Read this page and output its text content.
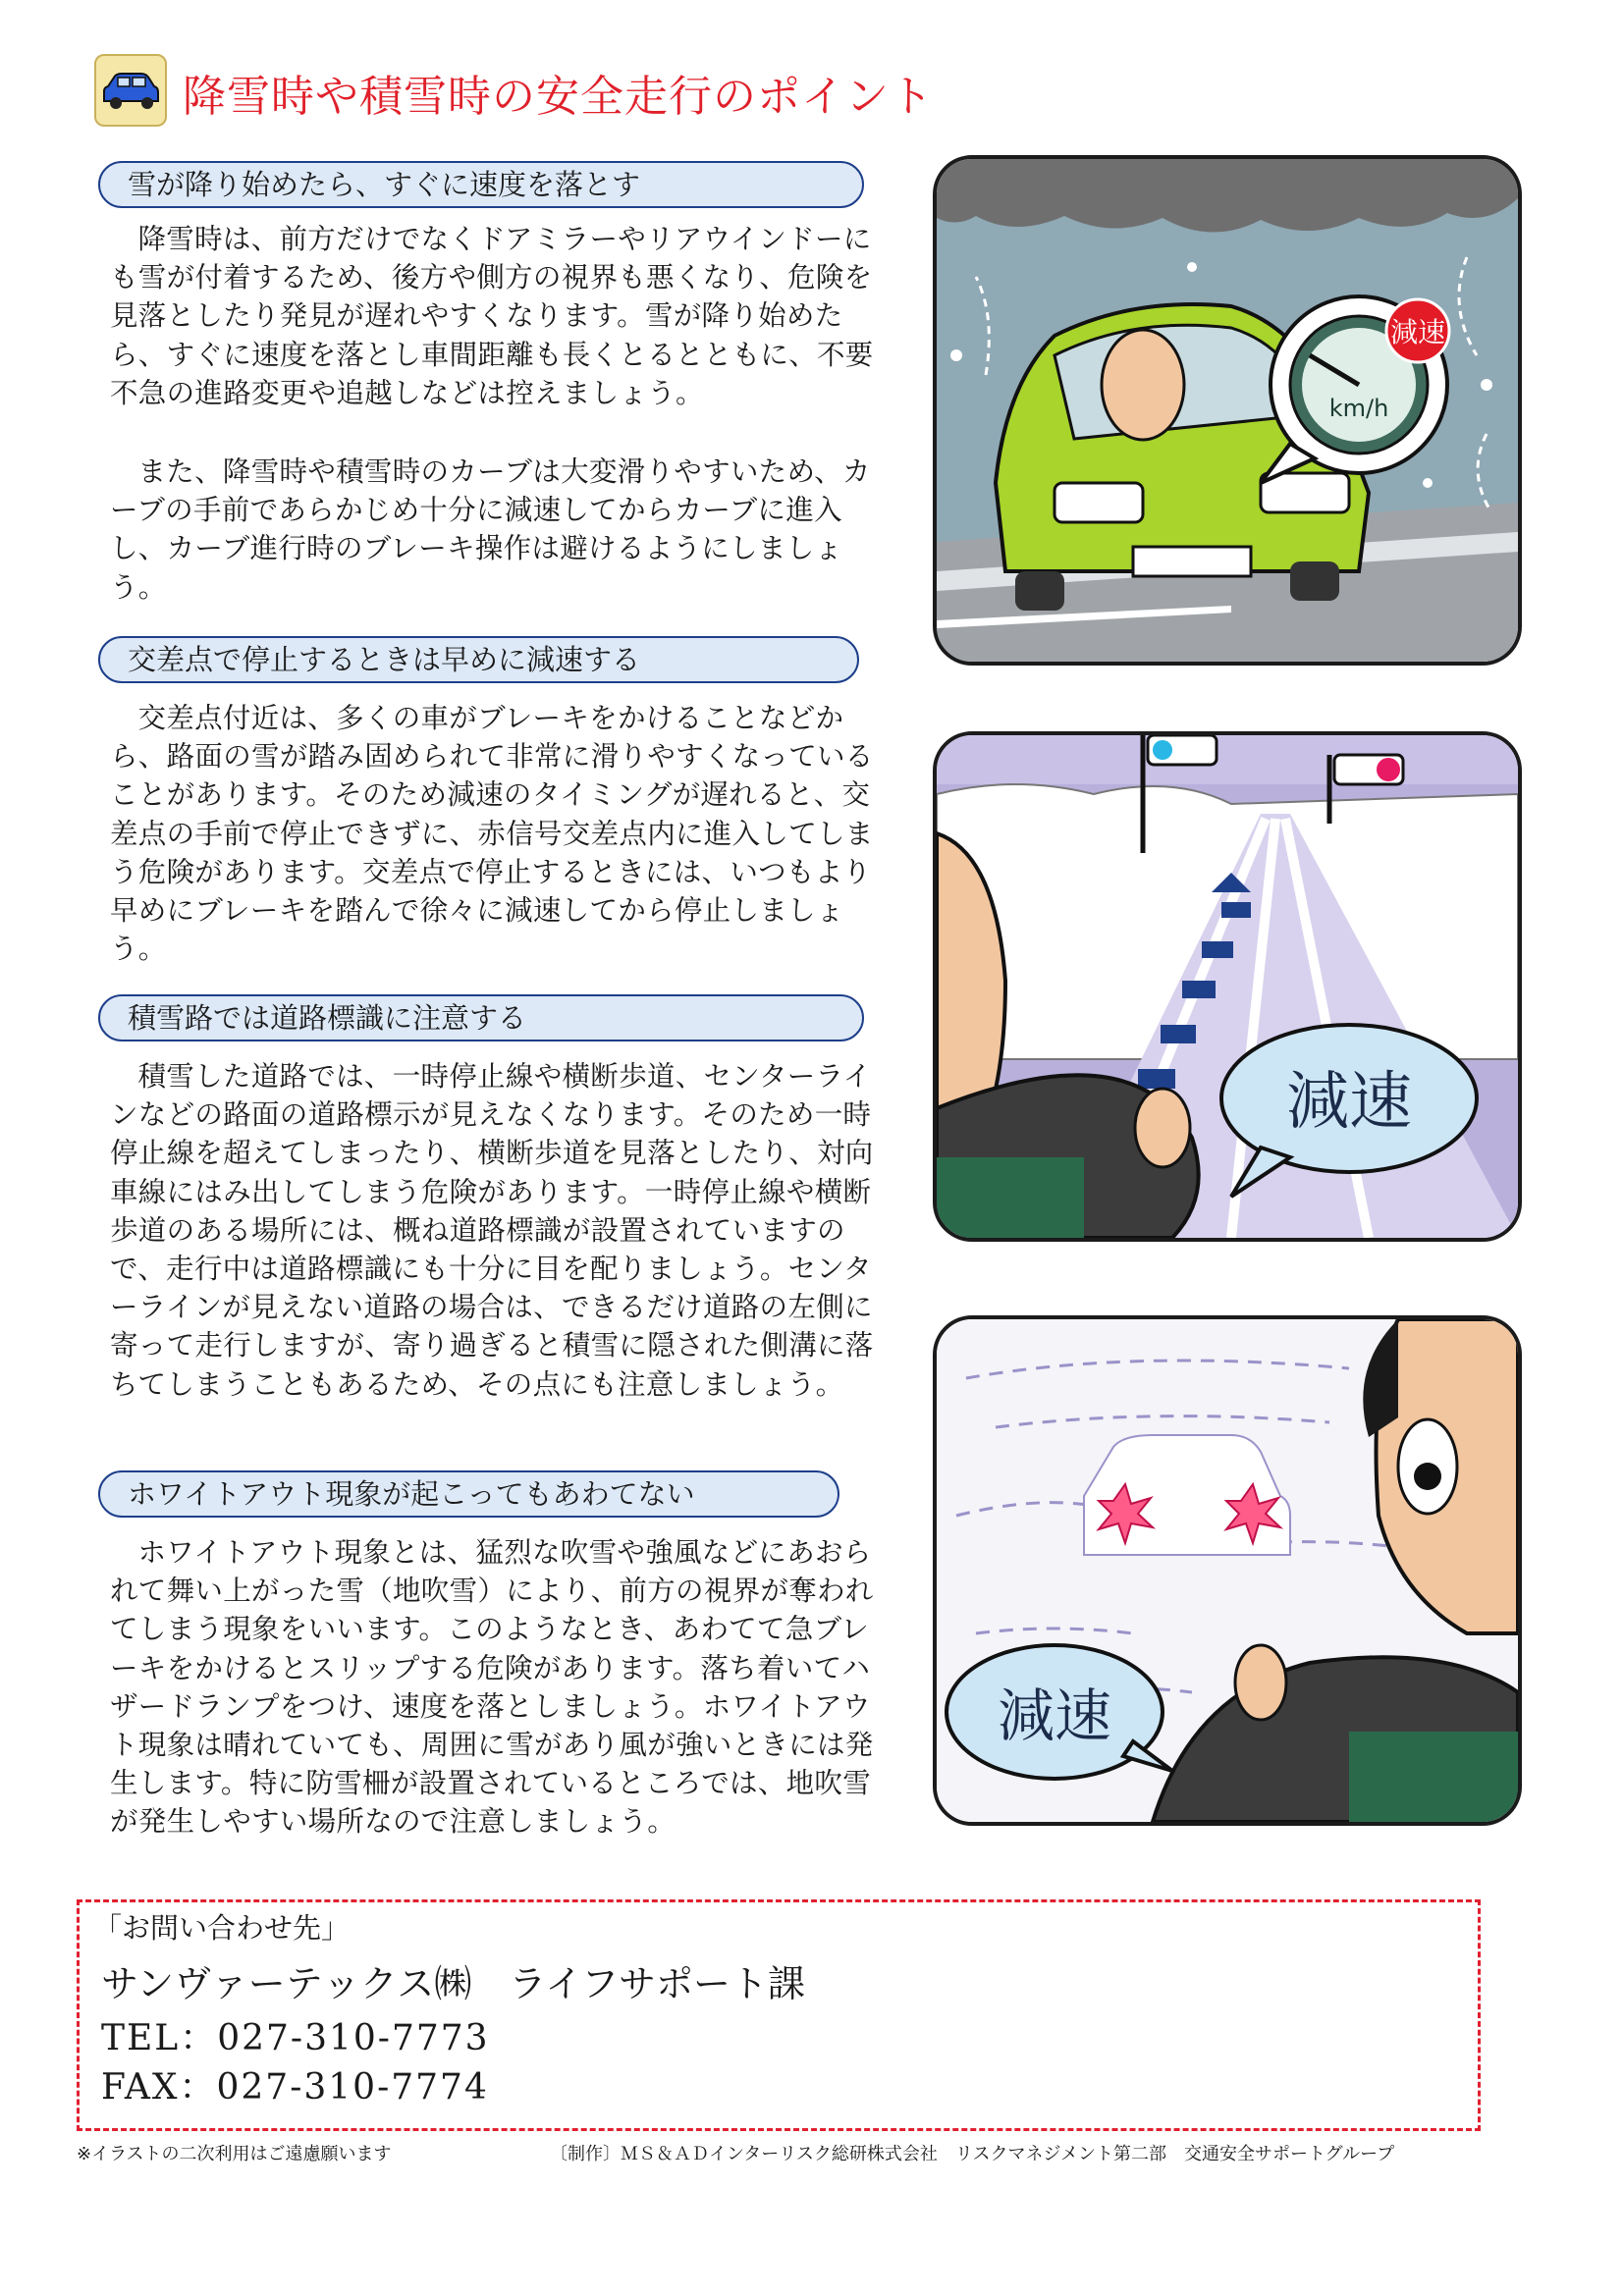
降雪時や積雪時の安全走行のポイント
雪が降り始めたら、すぐに速度を落とす
降雪時は、前方だけでなくドアミラーやリアウインドーにも雪が付着するため、後方や側方の視界も悪くなり、危険を見落としたり発見が遅れやすくなります。雪が降り始めたら、すぐに速度を落とし車間距離も長くとるとともに、不要不急の進路変更や追越しなどは控えましょう。
また、降雪時や積雪時のカーブは大変滑りやすいため、カーブの手前であらかじめ十分に減速してからカーブに進入し、カーブ進行時のブレーキ操作は避けるようにしましょう。
交差点で停止するときは早めに減速する
交差点付近は、多くの車がブレーキをかけることなどから、路面の雪が踏み固められて非常に滑りやすくなっていることがあります。そのため減速のタイミングが遅れると、交差点の手前で停止できずに、赤信号交差点内に進入してしまう危険があります。交差点で停止するときには、いつもより早めにブレーキを踏んで徐々に減速してから停止しましょう。
積雪路では道路標識に注意する
積雪した道路では、一時停止線や横断歩道、センターラインなどの路面の道路標示が見えなくなります。そのため一時停止線を超えてしまったり、横断歩道を見落としたり、対向車線にはみ出してしまう危険があります。一時停止線や横断歩道のある場所には、概ね道路標識が設置されていますので、走行中は道路標識にも十分に目を配りましょう。センターラインが見えない道路の場合は、できるだけ道路の左側に寄って走行しますが、寄り過ぎると積雪に隠された側溝に落ちてしまうこともあるため、その点にも注意しましょう。
ホワイトアウト現象が起こってもあわてない
ホワイトアウト現象とは、猛烈な吹雪や強風などにあおられて舞い上がった雪（地吹雪）により、前方の視界が奪われてしまう現象をいいます。このようなとき、あわてて急ブレーキをかけるとスリップする危険があります。落ち着いてハザードランプをつけ、速度を落としましょう。ホワイトアウト現象は晴れていても、周囲に雪があり風が強いときには発生します。特に防雪柵が設置されているところでは、地吹雪が発生しやすい場所なので注意しましょう。
減速
km/h
減速
減速
「お問い合わせ先」
サンヴァーテックス㈱　ライフサポート課
TEL：027-310-7773
FAX：027-310-7774
※イラストの二次利用はご遠慮願います	〔制作〕ＭＳ＆ＡＤインターリスク総研株式会社　リスクマネジメント第二部　交通安全サポートグループ
